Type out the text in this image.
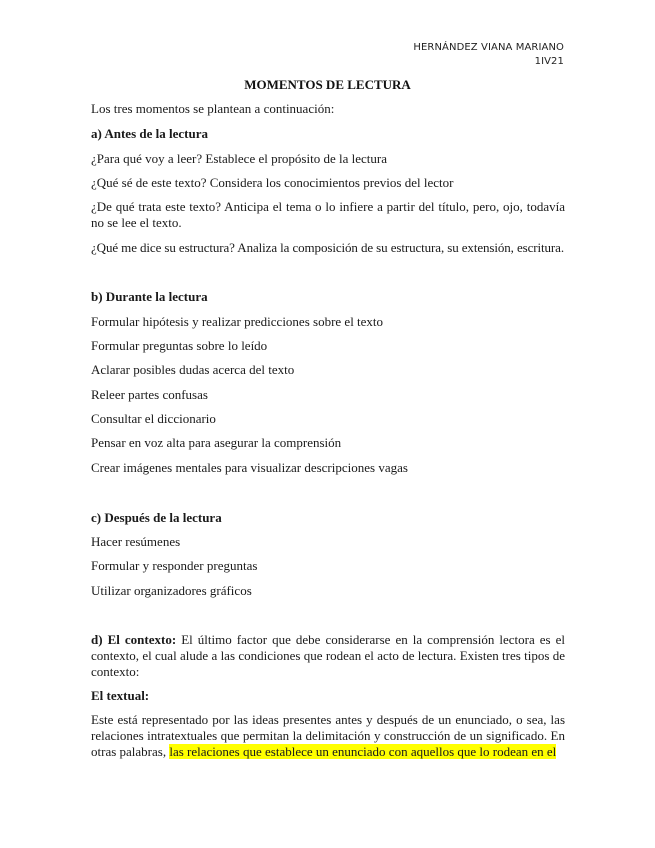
HERNÁNDEZ VIANA MARIANO
1IV21
MOMENTOS DE LECTURA
Los tres momentos se plantean a continuación:
a) Antes de la lectura
¿Para qué voy a leer? Establece el propósito de la lectura
¿Qué sé de este texto? Considera los conocimientos previos del lector
¿De qué trata este texto? Anticipa el tema o lo infiere a partir del título, pero, ojo, todavía no se lee el texto.
¿Qué me dice su estructura? Analiza la composición de su estructura, su extensión, escritura.
b) Durante la lectura
Formular hipótesis y realizar predicciones sobre el texto
Formular preguntas sobre lo leído
Aclarar posibles dudas acerca del texto
Releer partes confusas
Consultar el diccionario
Pensar en voz alta para asegurar la comprensión
Crear imágenes mentales para visualizar descripciones vagas
c) Después de la lectura
Hacer resúmenes
Formular y responder preguntas
Utilizar organizadores gráficos
d) El contexto: El último factor que debe considerarse en la comprensión lectora es el contexto, el cual alude a las condiciones que rodean el acto de lectura. Existen tres tipos de contexto:
El textual:
Este está representado por las ideas presentes antes y después de un enunciado, o sea, las relaciones intratextuales que permitan la delimitación y construcción de un significado. En otras palabras, las relaciones que establece un enunciado con aquellos que lo rodean en el
